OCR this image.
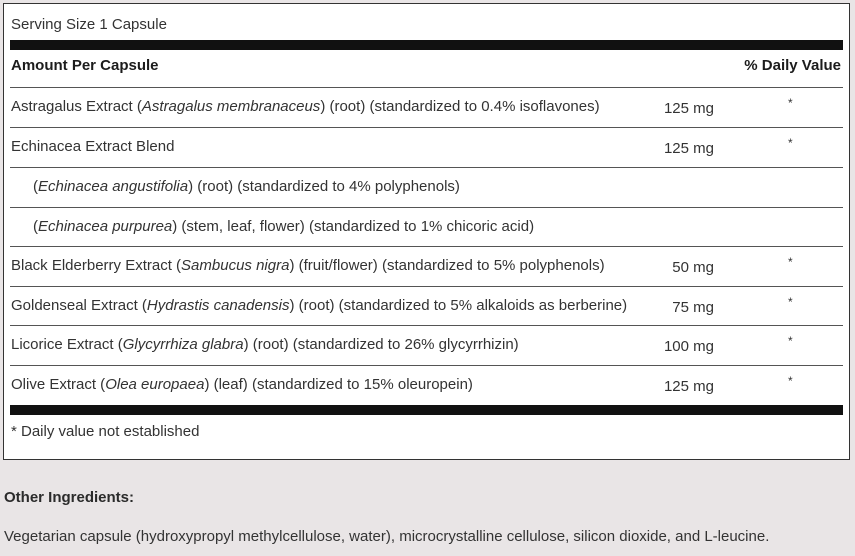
Serving Size 1 Capsule
Amount Per Capsule	% Daily Value
Astragalus Extract (Astragalus membranaceus) (root) (standardized to 0.4% isoflavones)	125 mg	*
Echinacea Extract Blend	125 mg	*
(Echinacea angustifolia) (root) (standardized to 4% polyphenols)
(Echinacea purpurea) (stem, leaf, flower) (standardized to 1% chicoric acid)
Black Elderberry Extract (Sambucus nigra) (fruit/flower) (standardized to 5% polyphenols)	50 mg	*
Goldenseal Extract (Hydrastis canadensis) (root) (standardized to 5% alkaloids as berberine)	75 mg	*
Licorice Extract (Glycyrrhiza glabra) (root) (standardized to 26% glycyrrhizin)	100 mg	*
Olive Extract (Olea europaea) (leaf) (standardized to 15% oleuropein)	125 mg	*
* Daily value not established
Other Ingredients:
Vegetarian capsule (hydroxypropyl methylcellulose, water), microcrystalline cellulose, silicon dioxide, and L-leucine.
